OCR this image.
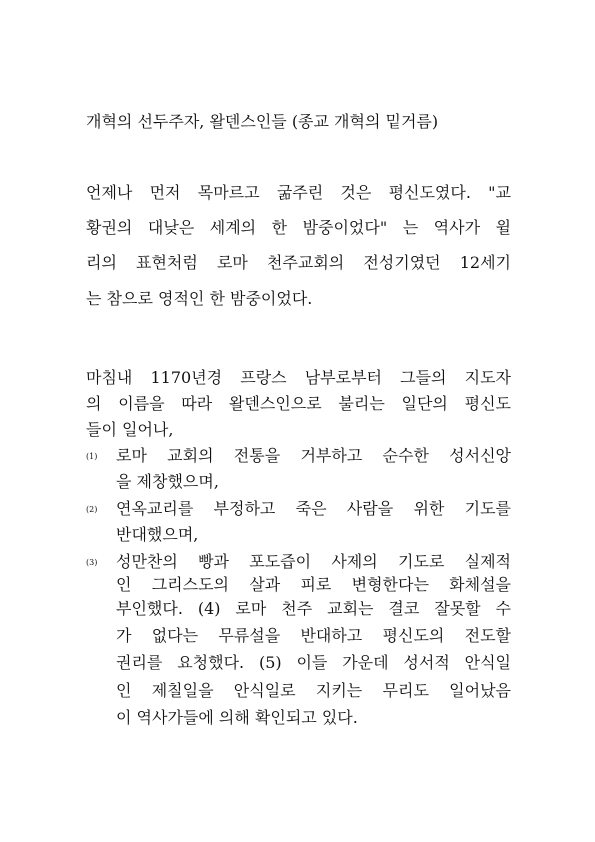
개혁의 선두주자, 왈덴스인들 (종교 개혁의 밑거름)
언제나 먼저 목마르고 굶주린 것은 평신도였다. "교
황권의 대낮은 세계의 한 밤중이었다" 는 역사가 윌
리의 표현처럼 로마 천주교회의 전성기였던 12세기
는 참으로 영적인 한 밤중이었다.
마침내 1170년경 프랑스 남부로부터 그들의 지도자
의 이름을 따라 왈덴스인으로 불리는 일단의 평신도
들이 일어나,
(1) 로마 교회의 전통을 거부하고 순수한 성서신앙
을 제창했으며,
(2) 연옥교리를 부정하고 죽은 사람을 위한 기도를
반대했으며,
(3) 성만찬의 빵과 포도즙이 사제의 기도로 실제적
인 그리스도의 살과 피로 변형한다는 화체설을
부인했다. (4) 로마 천주 교회는 결코 잘못할 수
가 없다는 무류설을 반대하고 평신도의 전도할
권리를 요청했다. (5) 이들 가운데 성서적 안식일
인 제칠일을 안식일로 지키는 무리도 일어났음
이 역사가들에 의해 확인되고 있다.
